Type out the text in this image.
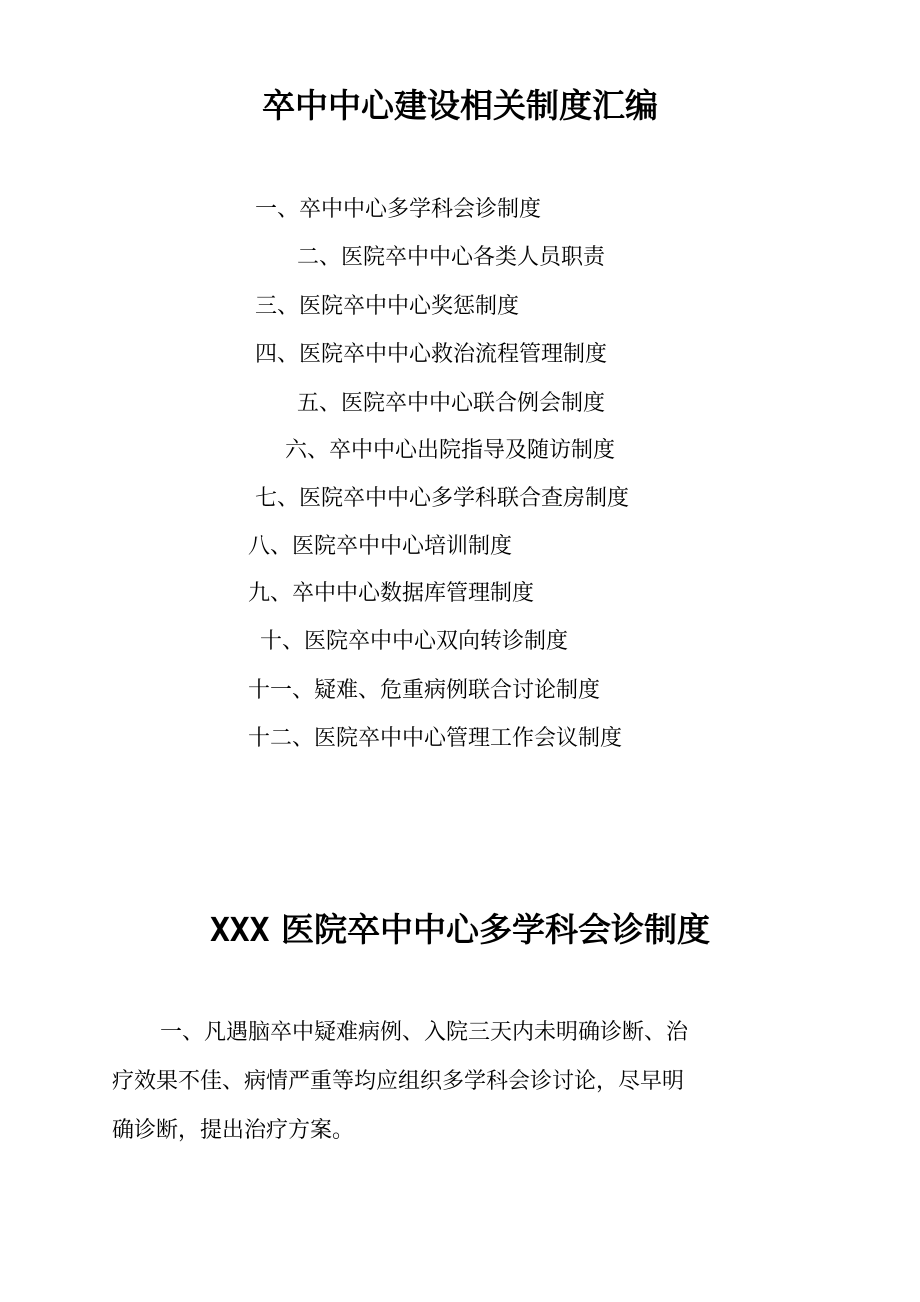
卒中中心建设相关制度汇编
一、卒中中心多学科会诊制度
二、医院卒中中心各类人员职责
三、医院卒中中心奖惩制度
四、医院卒中中心救治流程管理制度
五、医院卒中中心联合例会制度
六、卒中中心出院指导及随访制度
七、医院卒中中心多学科联合查房制度
八、医院卒中中心培训制度
九、卒中中心数据库管理制度
十、医院卒中中心双向转诊制度
十一、疑难、危重病例联合讨论制度
十二、医院卒中中心管理工作会议制度
XXX 医院卒中中心多学科会诊制度
一、凡遇脑卒中疑难病例、入院三天内未明确诊断、治
疗效果不佳、病情严重等均应组织多学科会诊讨论，尽早明
确诊断，提出治疗方案。
